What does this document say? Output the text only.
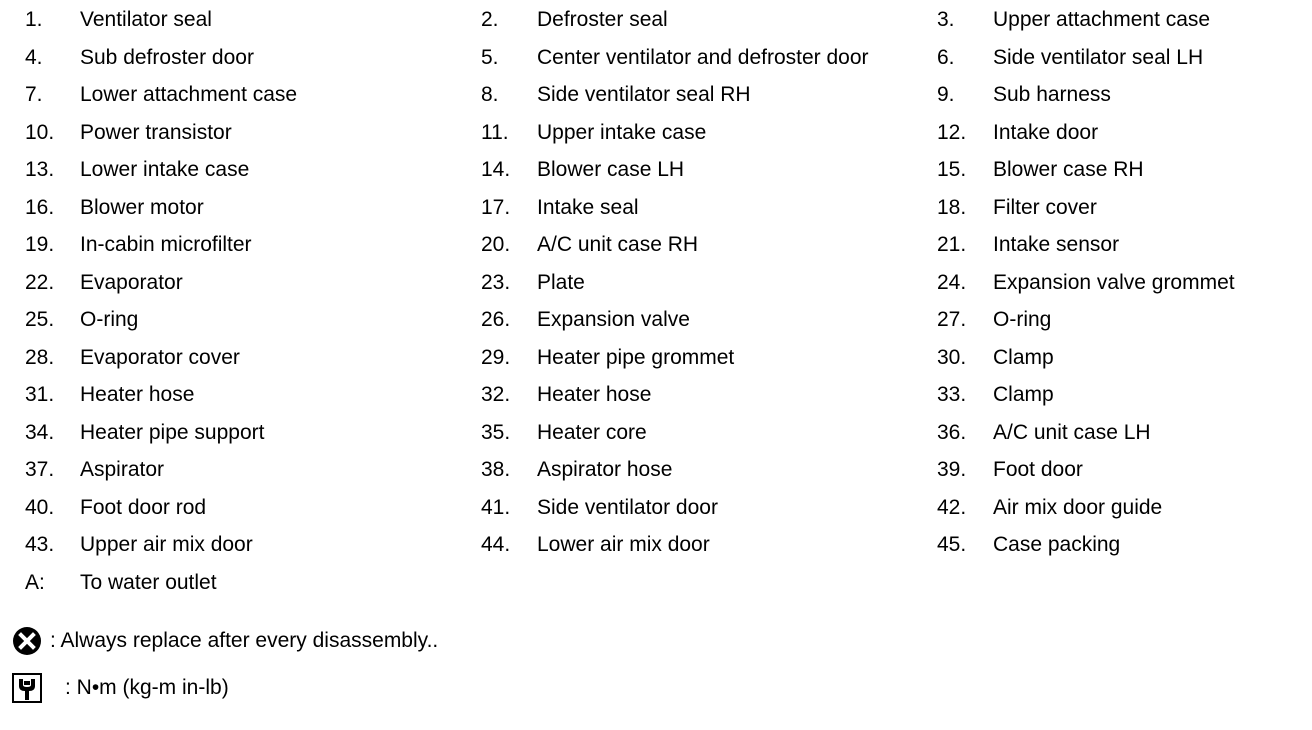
1. Ventilator seal	2. Defroster seal	3. Upper attachment case
4. Sub defroster door	5. Center ventilator and defroster door	6. Side ventilator seal LH
7. Lower attachment case	8. Side ventilator seal RH	9. Sub harness
10. Power transistor	11. Upper intake case	12. Intake door
13. Lower intake case	14. Blower case LH	15. Blower case RH
16. Blower motor	17. Intake seal	18. Filter cover
19. In-cabin microfilter	20. A/C unit case RH	21. Intake sensor
22. Evaporator	23. Plate	24. Expansion valve grommet
25. O-ring	26. Expansion valve	27. O-ring
28. Evaporator cover	29. Heater pipe grommet	30. Clamp
31. Heater hose	32. Heater hose	33. Clamp
34. Heater pipe support	35. Heater core	36. A/C unit case LH
37. Aspirator	38. Aspirator hose	39. Foot door
40. Foot door rod	41. Side ventilator door	42. Air mix door guide
43. Upper air mix door	44. Lower air mix door	45. Case packing
A: To water outlet
: Always replace after every disassembly..
: N•m (kg-m in-lb)
